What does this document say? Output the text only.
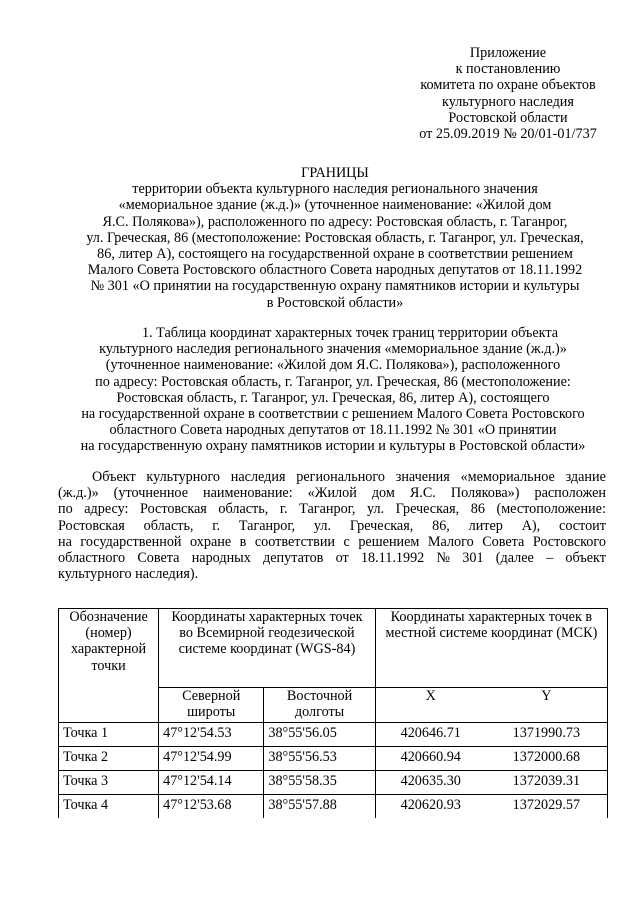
Приложение
к постановлению
комитета по охране объектов
культурного наследия
Ростовской области
от 25.09.2019 № 20/01-01/737
ГРАНИЦЫ
территории объекта культурного наследия регионального значения
«мемориальное здание (ж.д.)» (уточненное наименование: «Жилой дом
Я.С. Полякова»), расположенного по адресу: Ростовская область, г. Таганрог,
ул. Греческая, 86 (местоположение: Ростовская область, г. Таганрог, ул. Греческая,
86, литер А), состоящего на государственной охране в соответствии решением
Малого Совета Ростовского областного Совета народных депутатов от 18.11.1992
№ 301 «О принятии на государственную охрану памятников истории и культуры
в Ростовской области»
1. Таблица координат характерных точек границ территории объекта
культурного наследия регионального значения «мемориальное здание (ж.д.)»
(уточненное наименование: «Жилой дом Я.С. Полякова»), расположенного
по адресу: Ростовская область, г. Таганрог, ул. Греческая, 86 (местоположение:
Ростовская область, г. Таганрог, ул. Греческая, 86, литер А), состоящего
на государственной охране в соответствии с решением Малого Совета Ростовского
областного Совета народных депутатов от 18.11.1992 № 301 «О принятии
на государственную охрану памятников истории и культуры в Ростовской области»
Объект культурного наследия регионального значения «мемориальное здание
(ж.д.)» (уточненное наименование: «Жилой дом Я.С. Полякова») расположен
по адресу: Ростовская область, г. Таганрог, ул. Греческая, 86 (местоположение:
Ростовская область, г. Таганрог, ул. Греческая, 86, литер А), состоит
на государственной охране в соответствии с решением Малого Совета Ростовского
областного Совета народных депутатов от 18.11.1992 № 301 (далее – объект
культурного наследия).
Обозначение (номер) характерной точки	Координаты характерных точек во Всемирной геодезической системе координат (WGS-84)		Координаты характерных точек в местной системе координат (МСК)	
	Северной широты	Восточной долготы	X	Y
Точка 1	47°12'54.53	38°55'56.05	420646.71	1371990.73
Точка 2	47°12'54.99	38°55'56.53	420660.94	1372000.68
Точка 3	47°12'54.14	38°55'58.35	420635.30	1372039.31
Точка 4	47°12'53.68	38°55'57.88	420620.93	1372029.57
